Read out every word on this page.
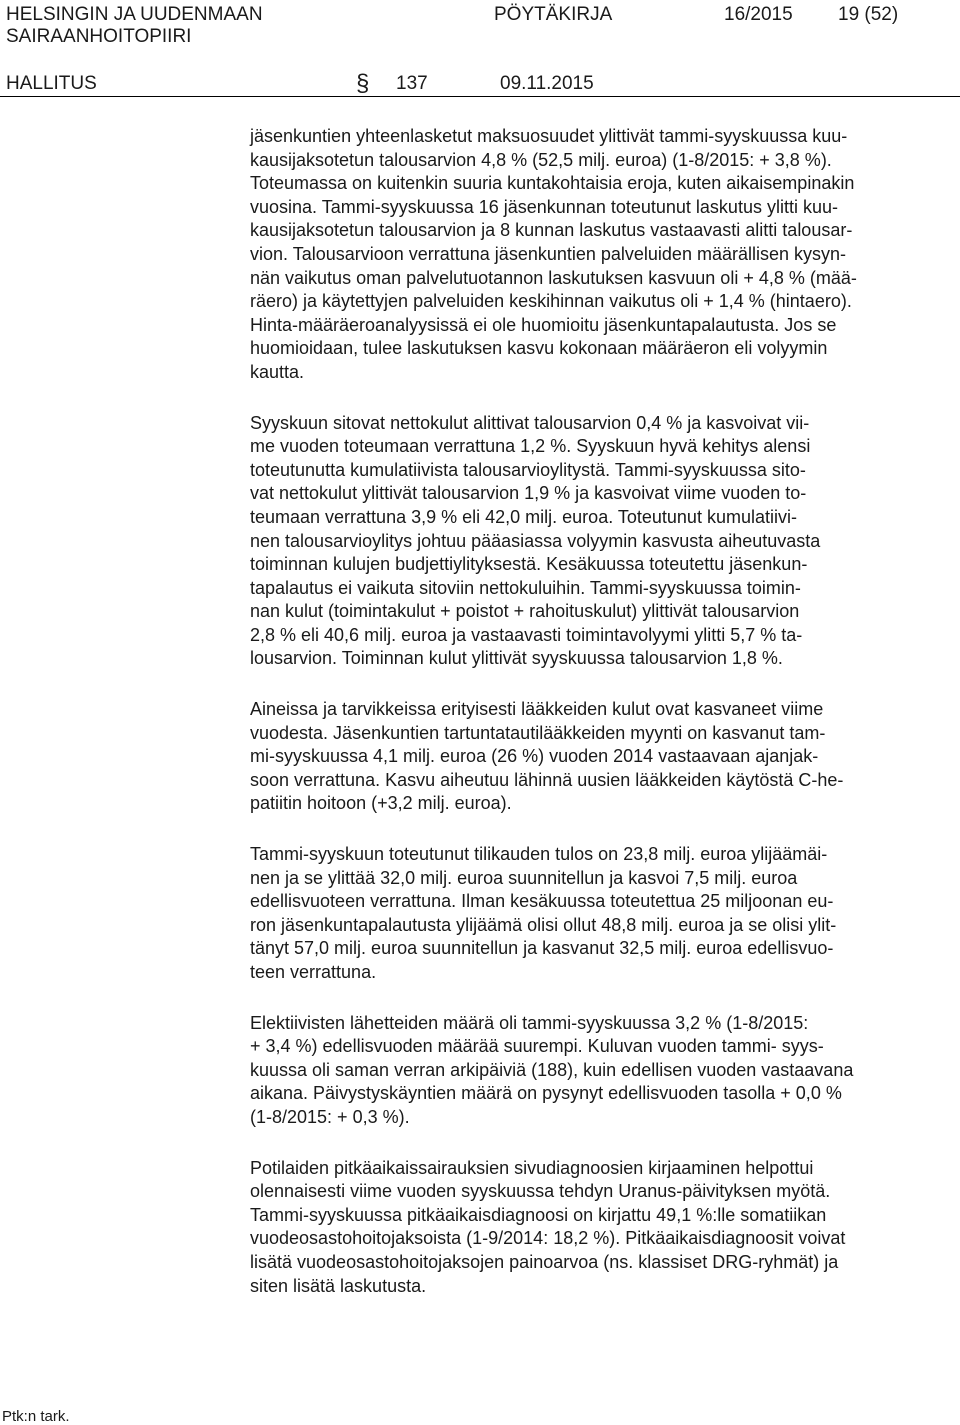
HELSINGIN JA UUDENMAAN
SAIRAANHOITOPIIRI
PÖYTÄKIRJA	16/2015 19 (52)
HALLITUS	§ 137	09.11.2015

jäsenkuntien yhteenlasketut maksuosuudet ylittivät tammi-syyskuussa kuu-
kausijaksotetun talousarvion 4,8 % (52,5 milj. euroa) (1-8/2015: + 3,8 %).
Toteumassa on kuitenkin suuria kuntakohtaisia eroja, kuten aikaisempinakin
vuosina. Tammi-syyskuussa 16 jäsenkunnan toteutunut laskutus ylitti kuu-
kausijaksotetun talousarvion ja 8 kunnan laskutus vastaavasti alitti talousar-
vion. Talousarvioon verrattuna jäsenkuntien palveluiden määrällisen kysyn-
nän vaikutus oman palvelutuotannon laskutuksen kasvuun oli + 4,8 % (mää-
räero) ja käytettyjen palveluiden keskihinnan vaikutus oli + 1,4 % (hintaero).
Hinta-määräeroanalyysissä ei ole huomioitu jäsenkuntapalautusta. Jos se
huomioidaan, tulee laskutuksen kasvu kokonaan määräeron eli volyymin
kautta.

Syyskuun sitovat nettokulut alittivat talousarvion 0,4 % ja kasvoivat vii-
me vuoden toteumaan verrattuna 1,2 %. Syyskuun hyvä kehitys alensi
toteutunutta kumulatiivista talousarvioylitystä. Tammi-syyskuussa sito-
vat nettokulut ylittivät talousarvion 1,9 % ja kasvoivat viime vuoden to-
teumaan verrattuna 3,9 % eli 42,0 milj. euroa. Toteutunut kumulatiivi-
nen talousarvioylitys johtuu pääasiassa volyymin kasvusta aiheutuvasta
toiminnan kulujen budjettiylityksestä. Kesäkuussa toteutettu jäsenkun-
tapalautus ei vaikuta sitoviin nettokuluihin. Tammi-syyskuussa toimin-
nan kulut (toimintakulut + poistot + rahoituskulut) ylittivät talousarvion
2,8 % eli 40,6 milj. euroa ja vastaavasti toimintavolyymi ylitti 5,7 % ta-
lousarvion. Toiminnan kulut ylittivät syyskuussa talousarvion 1,8 %.

Aineissa ja tarvikkeissa erityisesti lääkkeiden kulut ovat kasvaneet viime
vuodesta. Jäsenkuntien tartuntatautilääkkeiden myynti on kasvanut tam-
mi-syyskuussa 4,1 milj. euroa (26 %) vuoden 2014 vastaavaan ajanjak-
soon verrattuna. Kasvu aiheutuu lähinnä uusien lääkkeiden käytöstä C-he-
patiitin hoitoon (+3,2 milj. euroa).

Tammi-syyskuun toteutunut tilikauden tulos on 23,8 milj. euroa ylijäämäi-
nen ja se ylittää 32,0 milj. euroa suunnitellun ja kasvoi 7,5 milj. euroa
edellisvuoteen verrattuna. Ilman kesäkuussa toteutettua 25 miljoonan eu-
ron jäsenkuntapalautusta ylijäämä olisi ollut 48,8 milj. euroa ja se olisi ylit-
tänyt 57,0 milj. euroa suunnitellun ja kasvanut 32,5 milj. euroa edellisvuo-
teen verrattuna.

Elektiivisten lähetteiden määrä oli tammi-syyskuussa 3,2 % (1-8/2015:
+ 3,4 %) edellisvuoden määrää suurempi. Kuluvan vuoden tammi- syys-
kuussa oli saman verran arkipäiviä (188), kuin edellisen vuoden vastaavana
aikana. Päivystyskäyntien määrä on pysynyt edellisvuoden tasolla + 0,0 %
(1-8/2015: + 0,3 %).

Potilaiden pitkäaikaissairauksien sivudiagnoosien kirjaaminen helpottui
olennaisesti viime vuoden syyskuussa tehdyn Uranus-päivityksen myötä.
Tammi-syyskuussa pitkäaikaisdiagnoosi on kirjattu 49,1 %:lle somatiikan
vuodeosastohoitojaksoista (1-9/2014: 18,2 %). Pitkäaikaisdiagnoosit voivat
lisätä vuodeosastohoitojaksojen painoarvoa (ns. klassiset DRG-ryhmät) ja
siten lisätä laskutusta.

Ptk:n tark.
